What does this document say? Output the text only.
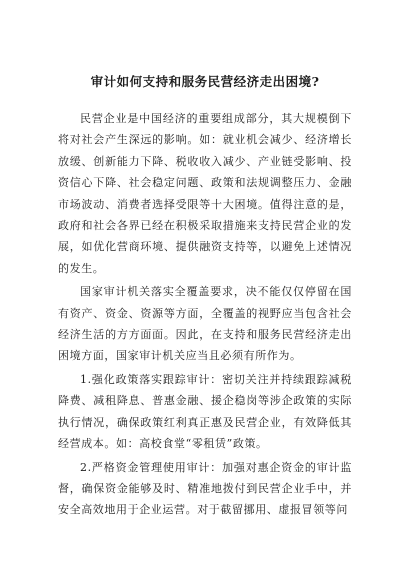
审计如何支持和服务民营经济走出困境?

民营企业是中国经济的重要组成部分，其大规模倒下将对社会产生深远的影响。如：就业机会减少、经济增长放缓、创新能力下降、税收收入减少、产业链受影响、投资信心下降、社会稳定问题、政策和法规调整压力、金融市场波动、消费者选择受限等十大困境。值得注意的是，政府和社会各界已经在积极采取措施来支持民营企业的发展，如优化营商环境、提供融资支持等，以避免上述情况的发生。

国家审计机关落实全覆盖要求，决不能仅仅停留在国有资产、资金、资源等方面，全覆盖的视野应当包含社会经济生活的方方面面。因此，在支持和服务民营经济走出困境方面，国家审计机关应当且必须有所作为。

1.强化政策落实跟踪审计：密切关注并持续跟踪减税降费、减租降息、普惠金融、援企稳岗等涉企政策的实际执行情况，确保政策红利真正惠及民营企业，有效降低其经营成本。如：高校食堂“零租赁”政策。

2.严格资金管理使用审计：加强对惠企资金的审计监督，确保资金能够及时、精准地拨付到民营企业手中，并安全高效地用于企业运营。对于截留挪用、虚报冒领等问
